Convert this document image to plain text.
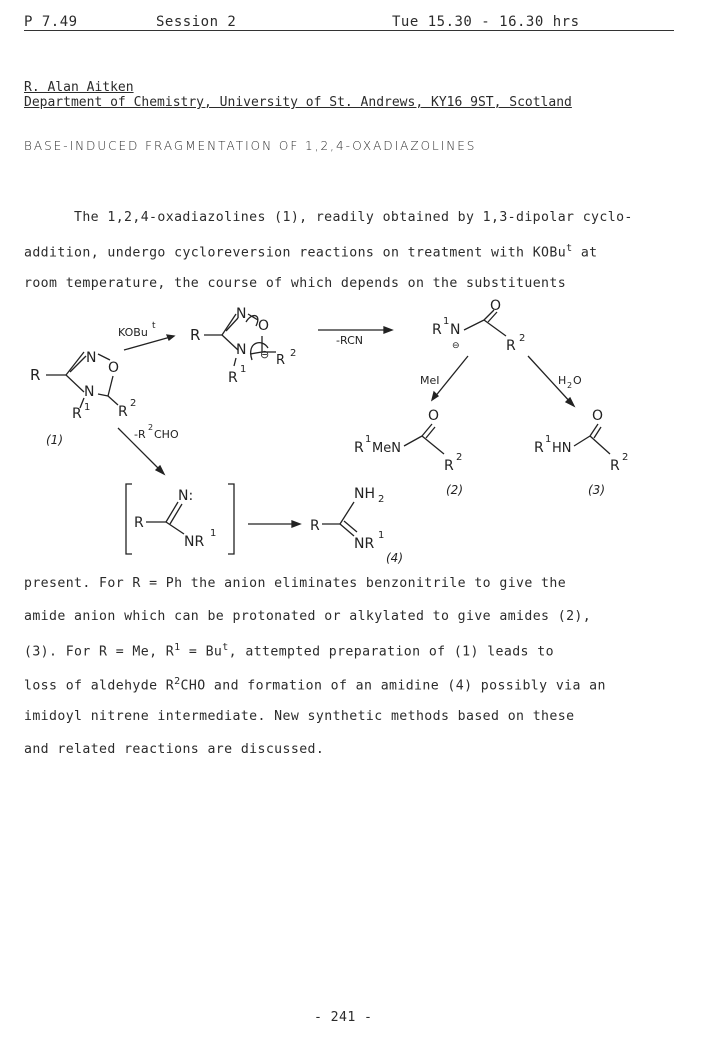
P 7.49	Session 2	Tue 15.30 - 16.30 hrs
R. Alan Aitken
Department of Chemistry, University of St. Andrews, KY16 9ST, Scotland
BASE-INDUCED FRAGMENTATION OF 1,2,4-OXADIAZOLINES
The 1,2,4-oxadiazolines (1), readily obtained by 1,3-dipolar cyclo-
addition, undergo cycloreversion reactions on treatment with KOBu$^t$ at
room temperature, the course of which depends on the substituents
R
N
O
N
R 1 R
2
(1)
KOBu t R
N
O
N ⊖ R 2
R
1
-RCN
R
1
N
⊖
O
R 2
MeI	H 2 O
R
1
MeN
O
R
2
(2)
R
1
HN
O
R
2
(3)
-R
2
CHO
R
N:
NR
1	R
NH 2
NR
1
(4)
present. For R = Ph the anion eliminates benzonitrile to give the
amide anion which can be protonated or alkylated to give amides (2),
(3). For R = Me, $R^1 = Bu^t$, attempted preparation of (1) leads to
loss of aldehyde $R^2CHO$ and formation of an amidine (4) possibly via an
imidoyl nitrene intermediate. New synthetic methods based on these
and related reactions are discussed.
- 241 -
